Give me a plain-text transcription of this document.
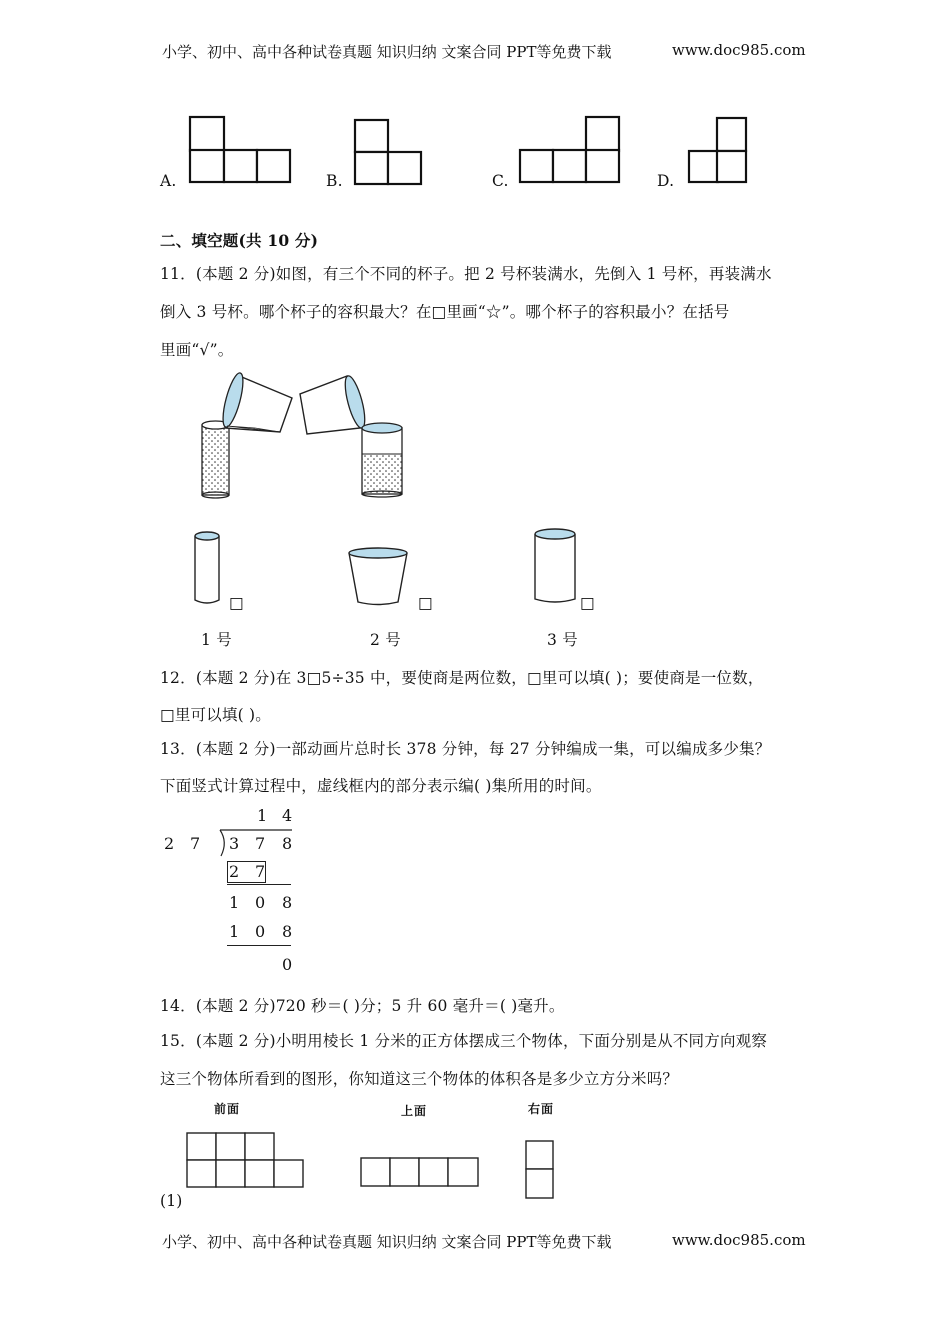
小学、初中、高中各种试卷真题 知识归纳 文案合同 PPT等免费下载	www.doc985.com
A.	B.	C.	D.
二、填空题(共 10 分)
11．(本题 2 分)如图，有三个不同的杯子。把 2 号杯装满水，先倒入 1 号杯，再装满水
倒入 3 号杯。哪个杯子的容积最大？在□里画“☆”。哪个杯子的容积最小？在括号
里画“√”。
□
1 号
□
2 号
□
3 号
12．(本题 2 分)在 3□5÷35 中，要使商是两位数，□里可以填( )；要使商是一位数，
□里可以填( )。
13．(本题 2 分)一部动画片总时长 378 分钟，每 27 分钟编成一集，可以编成多少集？
下面竖式计算过程中，虚线框内的部分表示编( )集所用的时间。
1 4
2 7 3 7 8
2 7
1 0 8
1 0 8
0
14．(本题 2 分)720 秒＝( )分；5 升 60 毫升＝( )毫升。
15．(本题 2 分)小明用棱长 1 分米的正方体摆成三个物体，下面分别是从不同方向观察
这三个物体所看到的图形，你知道这三个物体的体积各是多少立方分米吗？
前面	上面	右面
(1)
小学、初中、高中各种试卷真题 知识归纳 文案合同 PPT等免费下载	www.doc985.com
